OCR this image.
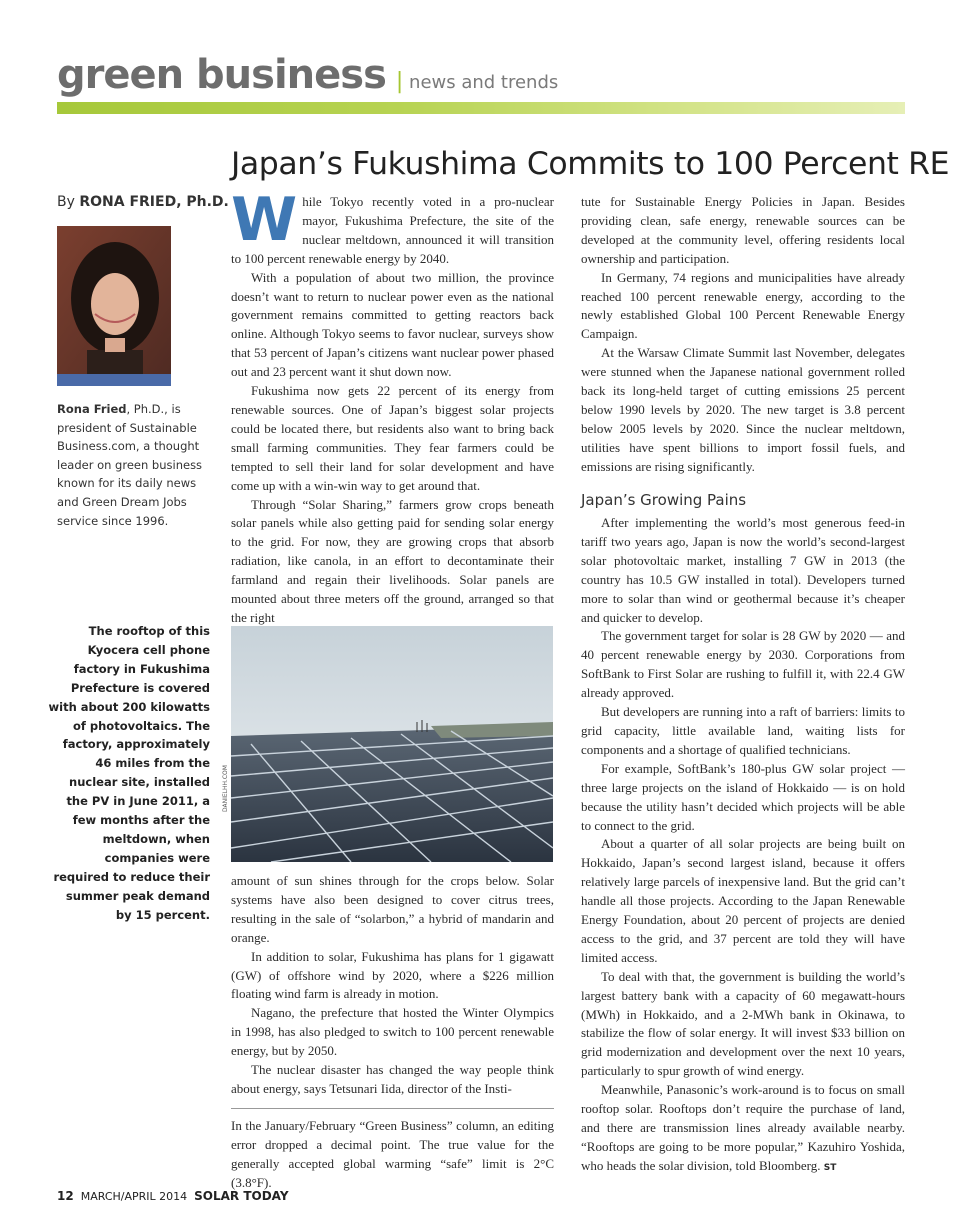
green business | news and trends
Japan’s Fukushima Commits to 100 Percent RE
By RONA FRIED, Ph.D.
Rona Fried, Ph.D., is president of Sustainable Business.com, a thought leader on green business known for its daily news and Green Dream Jobs service since 1996.
The rooftop of this Kyocera cell phone factory in Fukushima Prefecture is covered with about 200 kilowatts of photovoltaics. The factory, approximately 46 miles from the nuclear site, installed the PV in June 2011, a few months after the meltdown, when companies were required to reduce their summer peak demand by 15 percent.

While Tokyo recently voted in a pro-nuclear mayor, Fukushima Prefecture, the site of the nuclear meltdown, announced it will transition to 100 percent renewable energy by 2040.

With a population of about two million, the province doesn’t want to return to nuclear power even as the national government remains committed to getting reactors back online. Although Tokyo seems to favor nuclear, surveys show that 53 percent of Japan’s citizens want nuclear power phased out and 23 percent want it shut down now.

Fukushima now gets 22 percent of its energy from renewable sources. One of Japan’s biggest solar projects could be located there, but residents also want to bring back small farming communities. They fear farmers could be tempted to sell their land for solar development and have come up with a win-win way to get around that.

Through “Solar Sharing,” farmers grow crops beneath solar panels while also getting paid for sending solar energy to the grid. For now, they are growing crops that absorb radiation, like canola, in an effort to decontaminate their farmland and regain their livelihoods. Solar panels are mounted about three meters off the ground, arranged so that the right

DANIELHH.COM

amount of sun shines through for the crops below. Solar systems have also been designed to cover citrus trees, resulting in the sale of “solarbon,” a hybrid of mandarin and orange.

In addition to solar, Fukushima has plans for 1 gigawatt (GW) of offshore wind by 2020, where a $226 million floating wind farm is already in motion.

Nagano, the prefecture that hosted the Winter Olympics in 1998, has also pledged to switch to 100 percent renewable energy, but by 2050.

The nuclear disaster has changed the way people think about energy, says Tetsunari Iida, director of the Insti-

In the January/February “Green Business” column, an editing error dropped a decimal point. The true value for the generally accepted global warming “safe” limit is 2°C (3.8°F).

tute for Sustainable Energy Policies in Japan. Besides providing clean, safe energy, renewable sources can be developed at the community level, offering residents local ownership and participation.

In Germany, 74 regions and municipalities have already reached 100 percent renewable energy, according to the newly established Global 100 Percent Renewable Energy Campaign.

At the Warsaw Climate Summit last November, delegates were stunned when the Japanese national government rolled back its long-held target of cutting emissions 25 percent below 1990 levels by 2020. The new target is 3.8 percent below 2005 levels by 2020. Since the nuclear meltdown, utilities have spent billions to import fossil fuels, and emissions are rising significantly.

Japan’s Growing Pains

After implementing the world’s most generous feed-in tariff two years ago, Japan is now the world’s second-largest solar photovoltaic market, installing 7 GW in 2013 (the country has 10.5 GW installed in total). Developers turned more to solar than wind or geothermal because it’s cheaper and quicker to develop.

The government target for solar is 28 GW by 2020 — and 40 percent renewable energy by 2030. Corporations from SoftBank to First Solar are rushing to fulfill it, with 22.4 GW already approved.

But developers are running into a raft of barriers: limits to grid capacity, little available land, waiting lists for components and a shortage of qualified technicians.

For example, SoftBank’s 180-plus GW solar project — three large projects on the island of Hokkaido — is on hold because the utility hasn’t decided which projects will be able to connect to the grid.

About a quarter of all solar projects are being built on Hokkaido, Japan’s second largest island, because it offers relatively large parcels of inexpensive land. But the grid can’t handle all those projects. According to the Japan Renewable Energy Foundation, about 20 percent of projects are denied access to the grid, and 37 percent are told they will have limited access.

To deal with that, the government is building the world’s largest battery bank with a capacity of 60 megawatt-hours (MWh) in Hokkaido, and a 2-MWh bank in Okinawa, to stabilize the flow of solar energy. It will invest $33 billion on grid modernization and development over the next 10 years, particularly to spur growth of wind energy.

Meanwhile, Panasonic’s work-around is to focus on small rooftop solar. Rooftops don’t require the purchase of land, and there are transmission lines already available nearby. “Rooftops are going to be more popular,” Kazuhiro Yoshida, who heads the solar division, told Bloomberg. ST

12 MARCH/APRIL 2014 SOLAR TODAY
